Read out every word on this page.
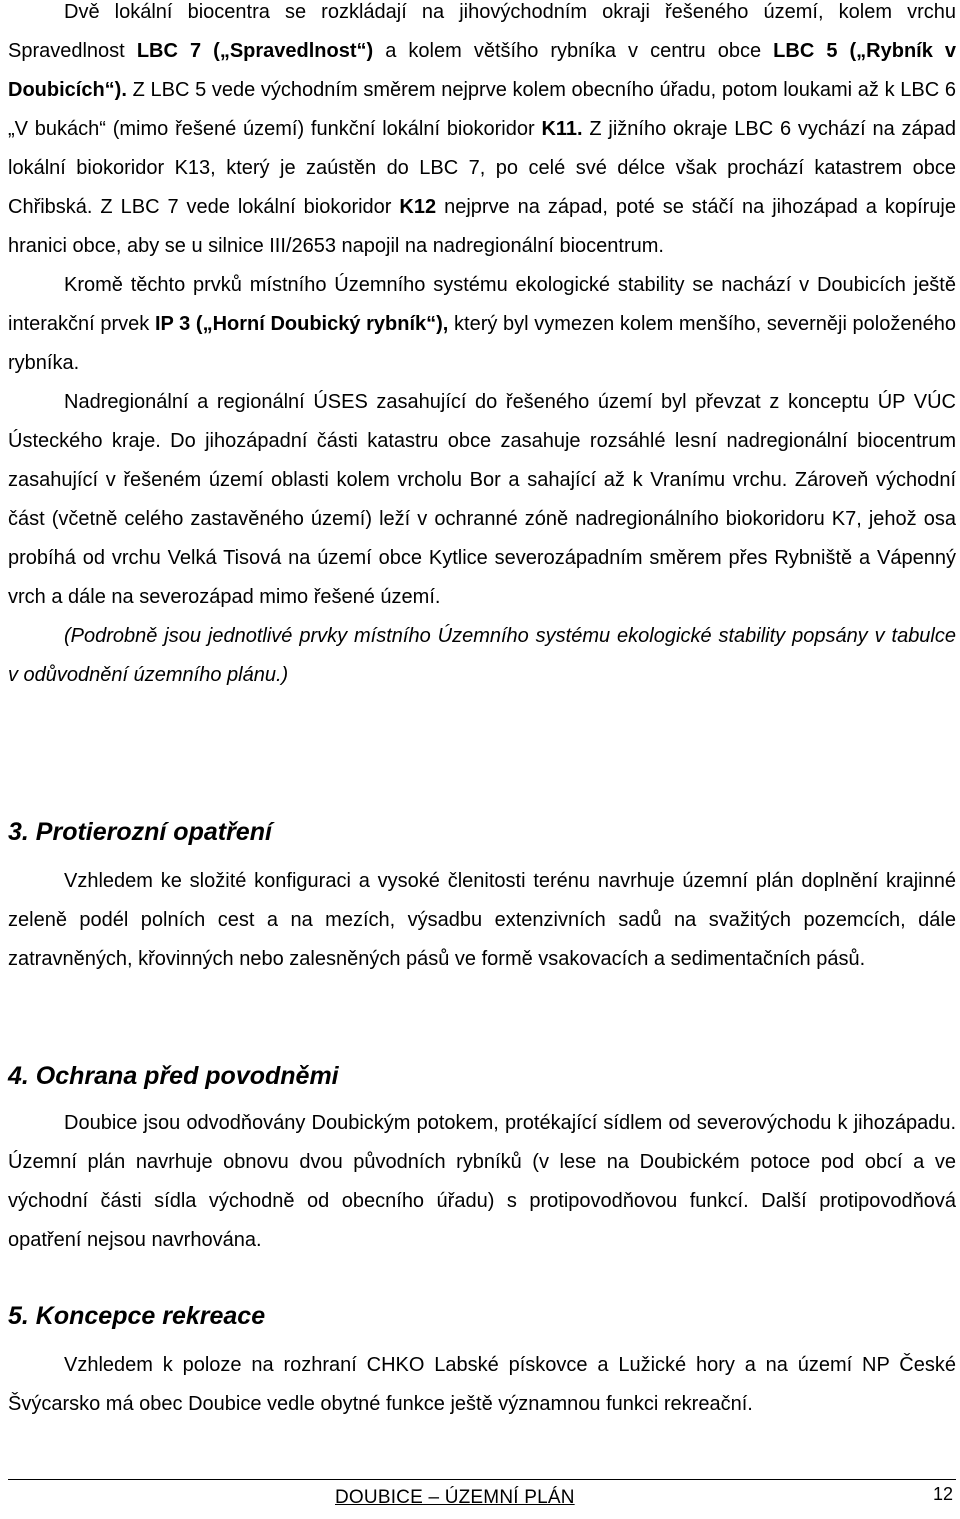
Dvě lokální biocentra se rozkládají na jihovýchodním okraji řešeného území, kolem vrchu Spravedlnost LBC 7 („Spravedlnost“) a kolem většího rybníka v centru obce LBC 5 („Rybník v Doubicích“). Z LBC 5 vede východním směrem nejprve kolem obecního úřadu, potom loukami až k LBC 6 „V bukách“ (mimo řešené území) funkční lokální biokoridor K11. Z jižního okraje LBC 6 vychází na západ lokální biokoridor K13, který je zaústěn do LBC 7, po celé své délce však prochází katastrem obce Chřibská. Z LBC 7 vede lokální biokoridor K12 nejprve na západ, poté se stáčí na jihozápad a kopíruje hranici obce, aby se u silnice III/2653 napojil na nadregionální biocentrum.

Kromě těchto prvků místního Územního systému ekologické stability se nachází v Doubicích ještě interakční prvek IP 3 („Horní Doubický rybník“), který byl vymezen kolem menšího, severněji položeného rybníka.

Nadregionální a regionální ÚSES zasahující do řešeného území byl převzat z konceptu ÚP VÚC Ústeckého kraje. Do jihozápadní části katastru obce zasahuje rozsáhlé lesní nadregionální biocentrum zasahující v řešeném území oblasti kolem vrcholu Bor a sahající až k Vranímu vrchu. Zároveň východní část (včetně celého zastavěného území) leží v ochranné zóně nadregionálního biokoridoru K7, jehož osa probíhá od vrchu Velká Tisová na území obce Kytlice severozápadním směrem přes Rybniště a Vápenný vrch a dále na severozápad mimo řešené území.

(Podrobně jsou jednotlivé prvky místního Územního systému ekologické stability popsány v tabulce v odůvodnění územního plánu.)

3. Protierozní opatření

Vzhledem ke složité konfiguraci a vysoké členitosti terénu navrhuje územní plán doplnění krajinné zeleně podél polních cest a na mezích, výsadbu extenzivních sadů na svažitých pozemcích, dále zatravněných, křovinných nebo zalesněných pásů ve formě vsakovacích a sedimentačních pásů.

4. Ochrana před povodněmi

Doubice jsou odvodňovány Doubickým potokem, protékající sídlem od severovýchodu k jihozápadu. Územní plán navrhuje obnovu dvou původních rybníků (v lese na Doubickém potoce pod obcí a ve východní části sídla východně od obecního úřadu) s protipovodňovou funkcí. Další protipovodňová opatření nejsou navrhována.

5. Koncepce rekreace

Vzhledem k poloze na rozhraní CHKO Labské pískovce a Lužické hory a na území NP České Švýcarsko má obec Doubice vedle obytné funkce ještě významnou funkci rekreační.

DOUBICE – ÚZEMNÍ PLÁN	12
